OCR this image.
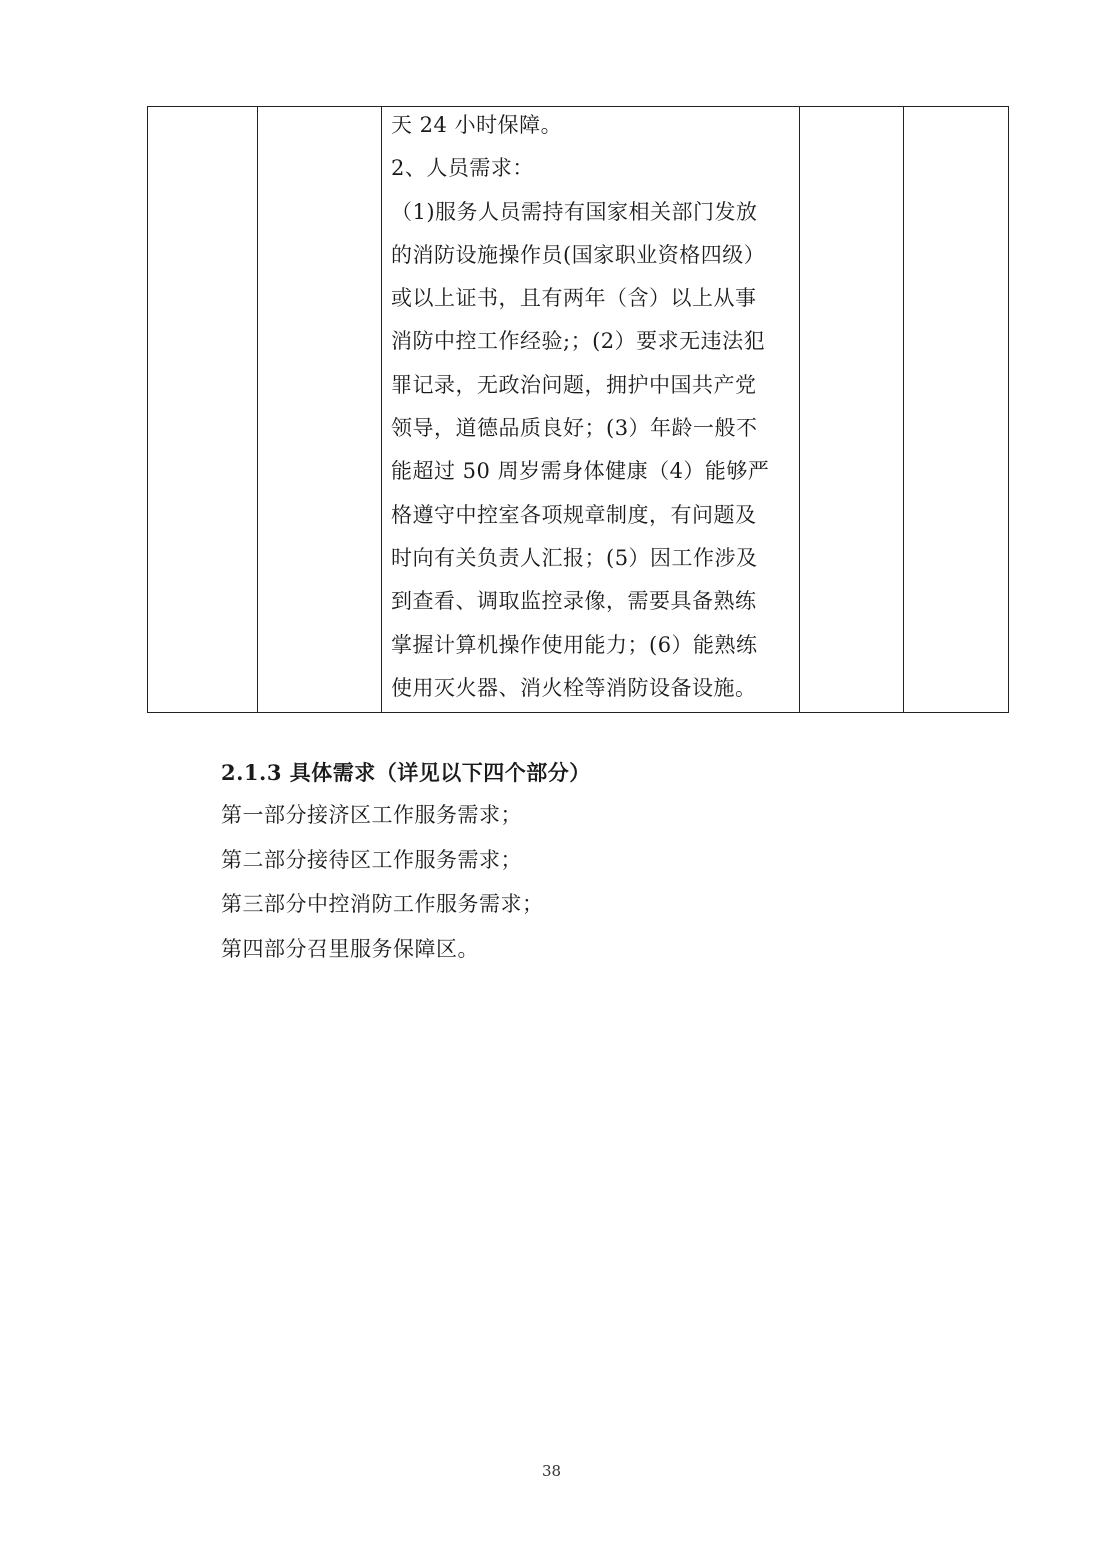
天 24 小时保障。
2、人员需求：
（1)服务人员需持有国家相关部门发放
的消防设施操作员(国家职业资格四级）
或以上证书，且有两年（含）以上从事
消防中控工作经验;；(2）要求无违法犯
罪记录，无政治问题，拥护中国共产党
领导，道德品质良好；(3）年龄一般不
能超过 50 周岁需身体健康（4）能够严
格遵守中控室各项规章制度，有问题及
时向有关负责人汇报；(5）因工作涉及
到查看、调取监控录像，需要具备熟练
掌握计算机操作使用能力；(6）能熟练
使用灭火器、消火栓等消防设备设施。
2.1.3 具体需求（详见以下四个部分）
第一部分接济区工作服务需求；
第二部分接待区工作服务需求；
第三部分中控消防工作服务需求；
第四部分召里服务保障区。
38
